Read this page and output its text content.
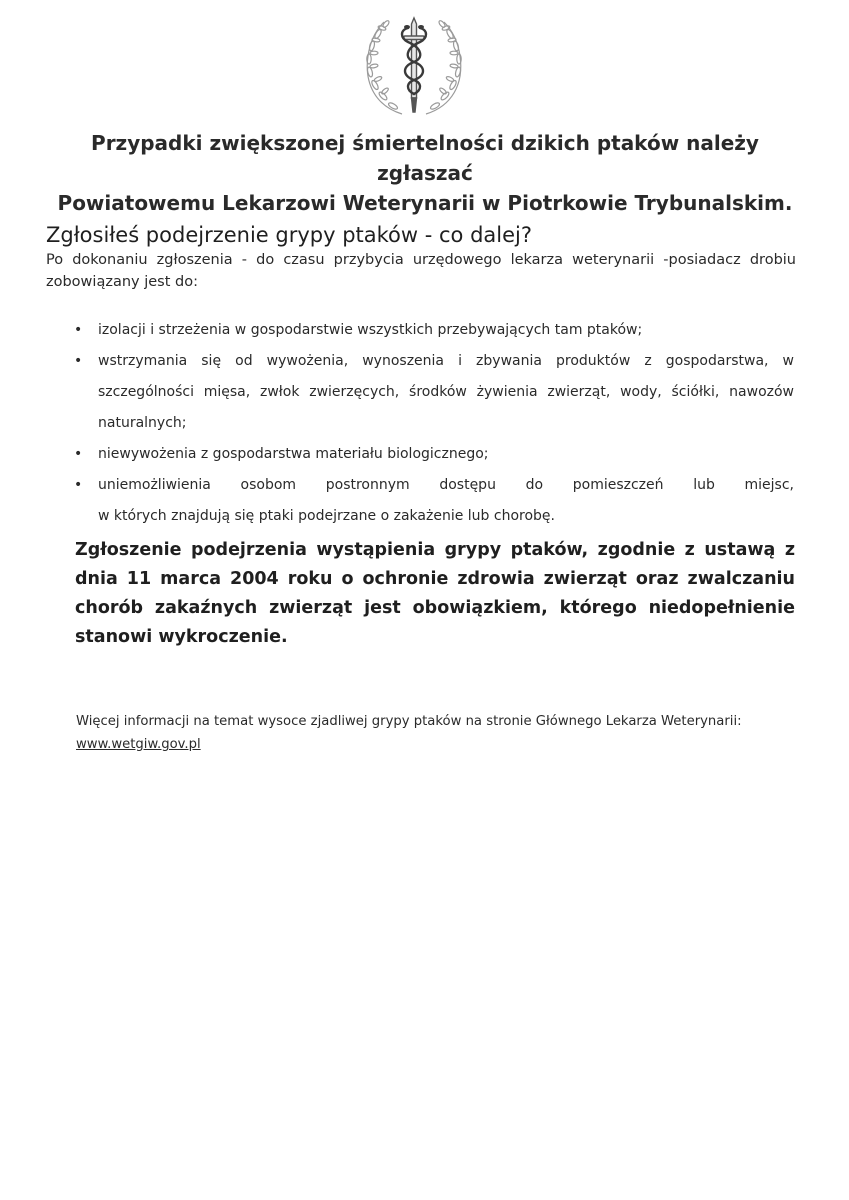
Przypadki zwiększonej śmiertelności dzikich ptaków należy zgłaszać
Powiatowemu Lekarzowi Weterynarii w Piotrkowie Trybunalskim.
Zgłosiłeś podejrzenie grypy ptaków - co dalej?

Po dokonaniu zgłoszenia - do czasu przybycia urzędowego lekarza weterynarii -posiadacz drobiu zobowiązany jest do:

• izolacji i strzeżenia w gospodarstwie wszystkich przebywających tam ptaków;
• wstrzymania się od wywożenia, wynoszenia i zbywania produktów z gospodarstwa, w szczególności mięsa, zwłok zwierzęcych, środków żywienia zwierząt, wody, ściółki, nawozów naturalnych;
• niewywożenia z gospodarstwa materiału biologicznego;
• uniemożliwienia osobom postronnym dostępu do pomieszczeń lub miejsc,
w których znajdują się ptaki podejrzane o zakażenie lub chorobę.

Zgłoszenie podejrzenia wystąpienia grypy ptaków, zgodnie z ustawą z dnia 11 marca 2004 roku o ochronie zdrowia zwierząt oraz zwalczaniu chorób zakaźnych zwierząt jest obowiązkiem, którego niedopełnienie stanowi wykroczenie.

Więcej informacji na temat wysoce zjadliwej grypy ptaków na stronie Głównego Lekarza Weterynarii:
www.wetgiw.gov.pl
